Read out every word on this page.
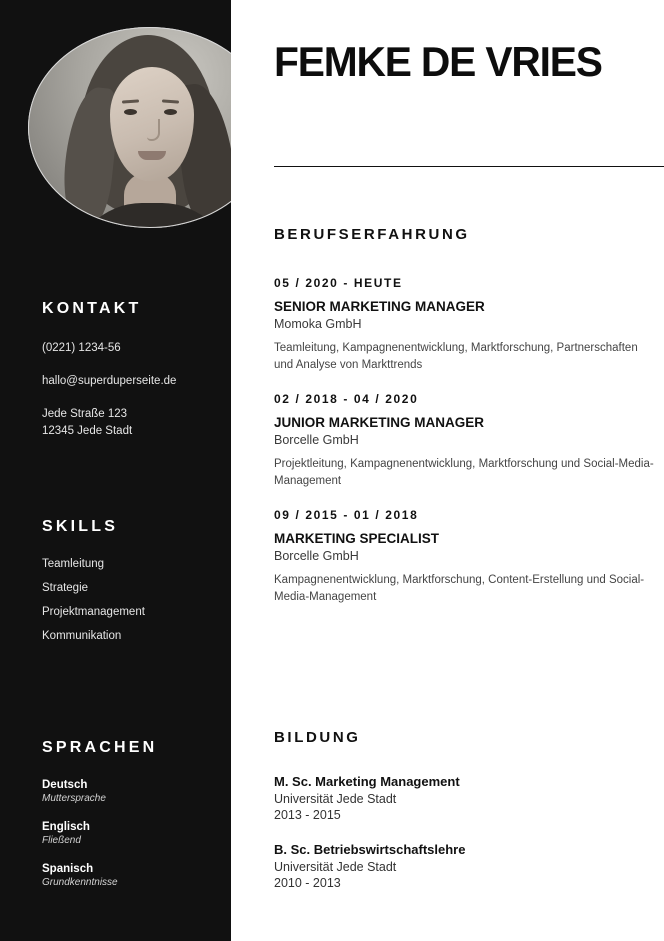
KONTAKT
(0221) 1234-56
hallo@superduperseite.de
Jede Straße 123
12345 Jede Stadt
SKILLS
Teamleitung
Strategie
Projektmanagement
Kommunikation
SPRACHEN
Deutsch
Muttersprache
Englisch
Fließend
Spanisch
Grundkenntnisse
FEMKE DE VRIES
BERUFSERFAHRUNG
05 / 2020 - HEUTE
SENIOR MARKETING MANAGER
Momoka GmbH
Teamleitung, Kampagnenentwicklung, Marktforschung, Partnerschaften und Analyse von Markttrends
02 / 2018 - 04 / 2020
JUNIOR MARKETING MANAGER
Borcelle GmbH
Projektleitung, Kampagnenentwicklung, Marktforschung und Social-Media-Management
09 / 2015 - 01 / 2018
MARKETING SPECIALIST
Borcelle GmbH
Kampagnenentwicklung, Marktforschung, Content-Erstellung und Social-Media-Management
BILDUNG
M. Sc. Marketing Management
Universität Jede Stadt
2013 - 2015
B. Sc. Betriebswirtschaftslehre
Universität Jede Stadt
2010 - 2013
